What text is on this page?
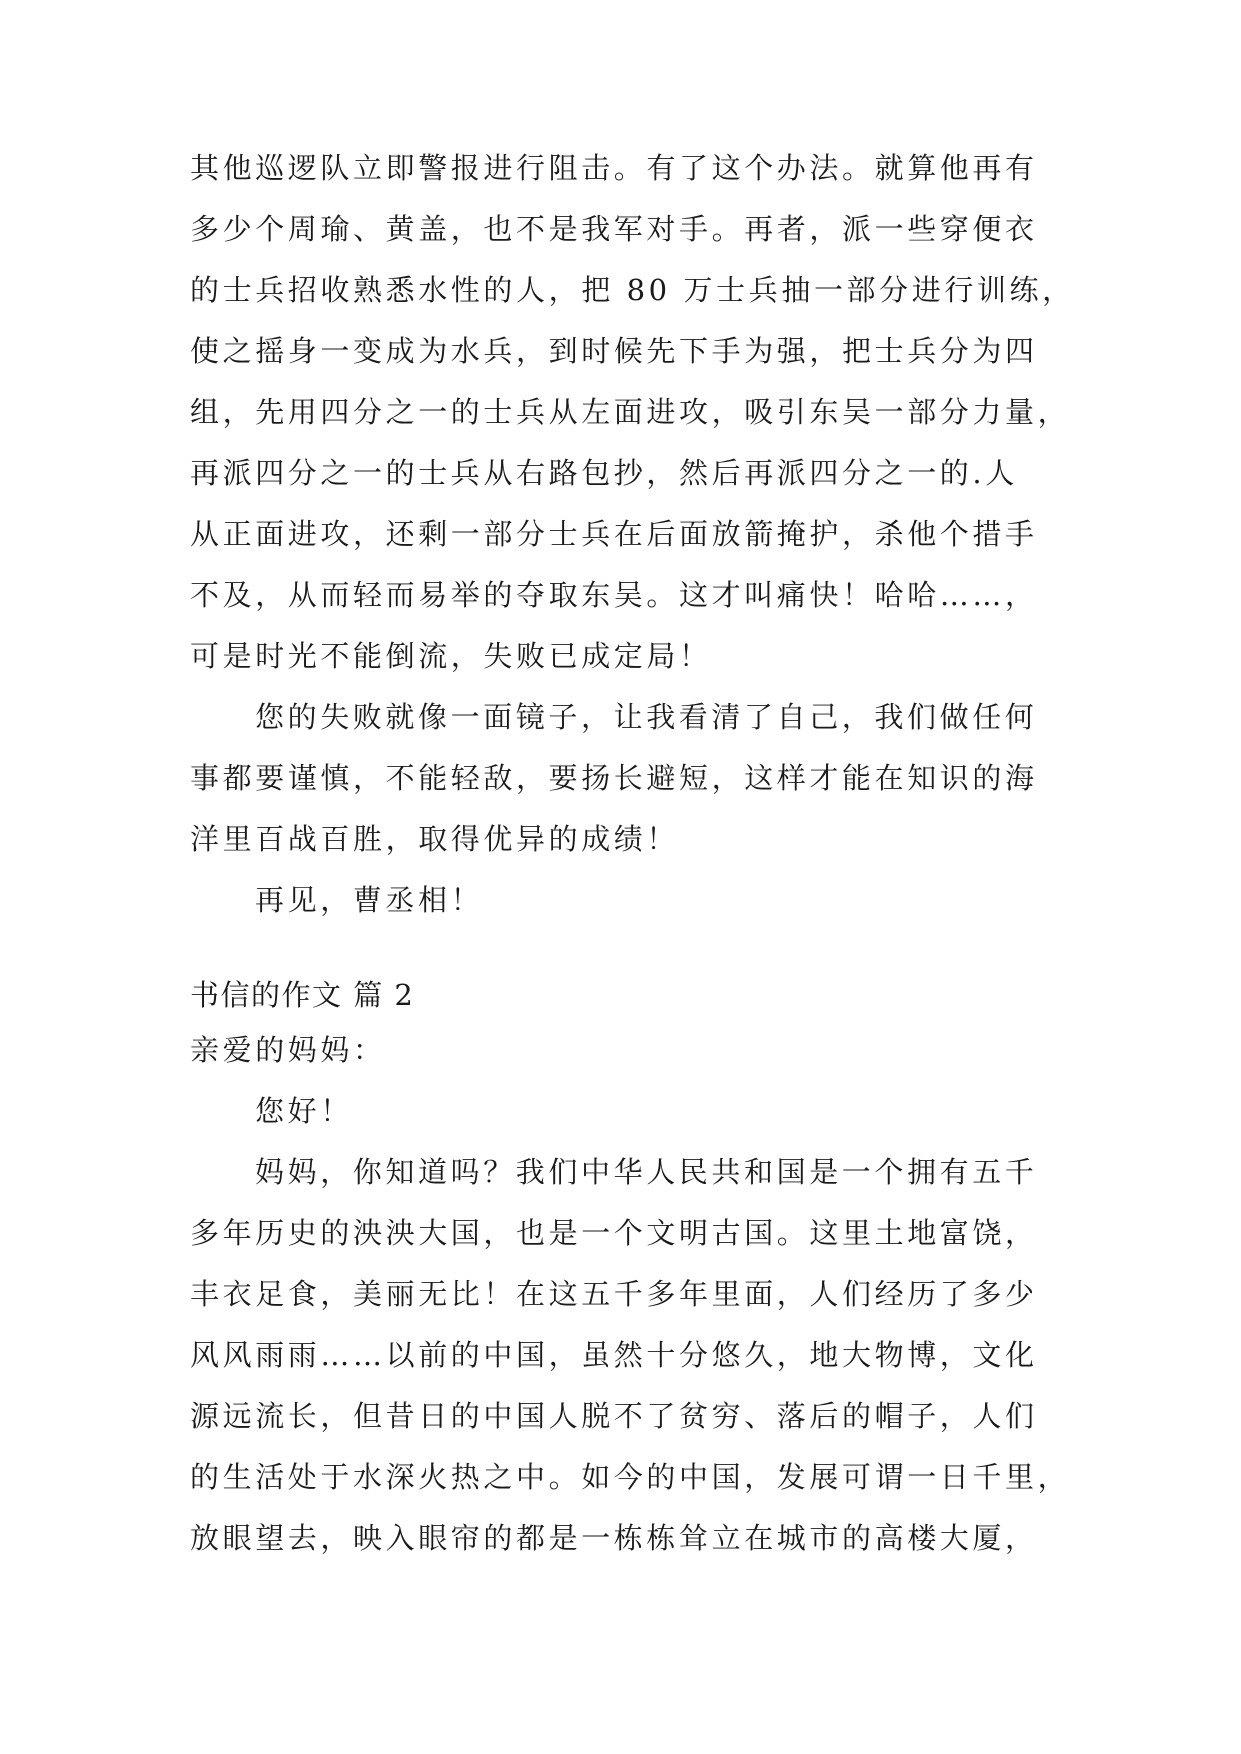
其他巡逻队立即警报进行阻击。有了这个办法。就算他再有
多少个周瑜、黄盖，也不是我军对手。再者，派一些穿便衣
的士兵招收熟悉水性的人，把 80 万士兵抽一部分进行训练，
使之摇身一变成为水兵，到时候先下手为强，把士兵分为四
组，先用四分之一的士兵从左面进攻，吸引东吴一部分力量，
再派四分之一的士兵从右路包抄，然后再派四分之一的.人
从正面进攻，还剩一部分士兵在后面放箭掩护，杀他个措手
不及，从而轻而易举的夺取东吴。这才叫痛快！哈哈……，
可是时光不能倒流，失败已成定局！
您的失败就像一面镜子，让我看清了自己，我们做任何
事都要谨慎，不能轻敌，要扬长避短，这样才能在知识的海
洋里百战百胜，取得优异的成绩！
再见，曹丞相！
书信的作文 篇 2
亲爱的妈妈：
您好！
妈妈，你知道吗？我们中华人民共和国是一个拥有五千
多年历史的泱泱大国，也是一个文明古国。这里土地富饶，
丰衣足食，美丽无比！在这五千多年里面，人们经历了多少
风风雨雨……以前的中国，虽然十分悠久，地大物博，文化
源远流长，但昔日的中国人脱不了贫穷、落后的帽子，人们
的生活处于水深火热之中。如今的中国，发展可谓一日千里，
放眼望去，映入眼帘的都是一栋栋耸立在城市的高楼大厦，
